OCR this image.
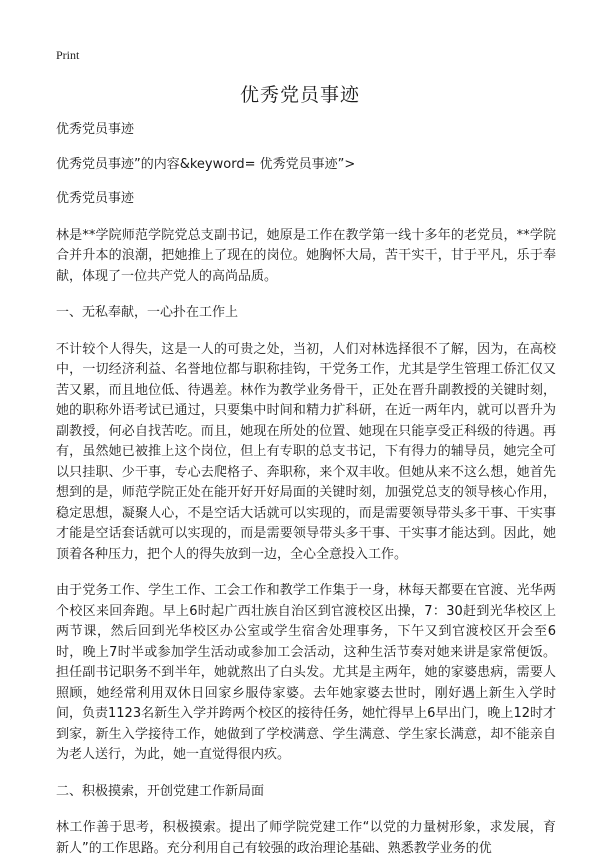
Print
优秀党员事迹

优秀党员事迹

优秀党员事迹”的内容&keyword= 优秀党员事迹”>

优秀党员事迹

林是**学院师范学院党总支副书记，她原是工作在教学第一线十多年的老党员，**学院合并升本的浪潮，把她推上了现在的岗位。她胸怀大局，苦干实干，甘于平凡，乐于奉献，体现了一位共产党人的高尚品质。

一、无私奉献，一心扑在工作上

不计较个人得失，这是一人的可贵之处，当初，人们对林选择很不了解，因为，在高校中，一切经济利益、名誉地位都与职称挂钩，干党务工作，尤其是学生管理工侨汇仅又苦又累，而且地位低、待遇差。林作为教学业务骨干，正处在晋升副教授的关键时刻，她的职称外语考试已通过，只要集中时间和精力扩科研，在近一两年内，就可以晋升为副教授，何必自找苦吃。而且，她现在所处的位置、她现在只能享受正科级的待遇。再有，虽然她已被推上这个岗位，但上有专职的总支书记，下有得力的辅导员，她完全可以只挂职、少干事，专心去爬格子、奔职称，来个双丰收。但她从来不这么想，她首先想到的是，师范学院正处在能开好开好局面的关键时刻，加强党总支的领导核心作用，稳定思想，凝聚人心，不是空话大话就可以实现的，而是需要领导带头多干事、干实事才能是空话套话就可以实现的，而是需要领导带头多干事、干实事才能达到。因此，她顶着各种压力，把个人的得失放到一边，全心全意投入工作。

由于党务工作、学生工作、工会工作和教学工作集于一身，林每天都要在官渡、光华两个校区来回奔跑。早上6时起广西壮族自治区到官渡校区出操，7：30赶到光华校区上两节课，然后回到光华校区办公室或学生宿舍处理事务，下午又到官渡校区开会至6时，晚上7时半或参加学生活动或参加工会活动，这种生活节奏对她来讲是家常便饭。担任副书记职务不到半年，她就熬出了白头发。尤其是主两年，她的家婆患病，需要人照顾，她经常利用双休日回家乡服侍家婆。去年她家婆去世时，刚好遇上新生入学时间，负责1123名新生入学并跨两个校区的接待任务，她忙得早上6早出门，晚上12时才到家，新生入学接待工作，她做到了学校满意、学生满意、学生家长满意，却不能亲自为老人送行，为此，她一直觉得很内疚。

二、积极摸索，开创党建工作新局面

林工作善于思考，积极摸索。提出了师学院党建工作“以党的力量树形象，求发展，育新人”的工作思路。充分利用自己有较强的政治理论基础、熟悉教学业务的优
